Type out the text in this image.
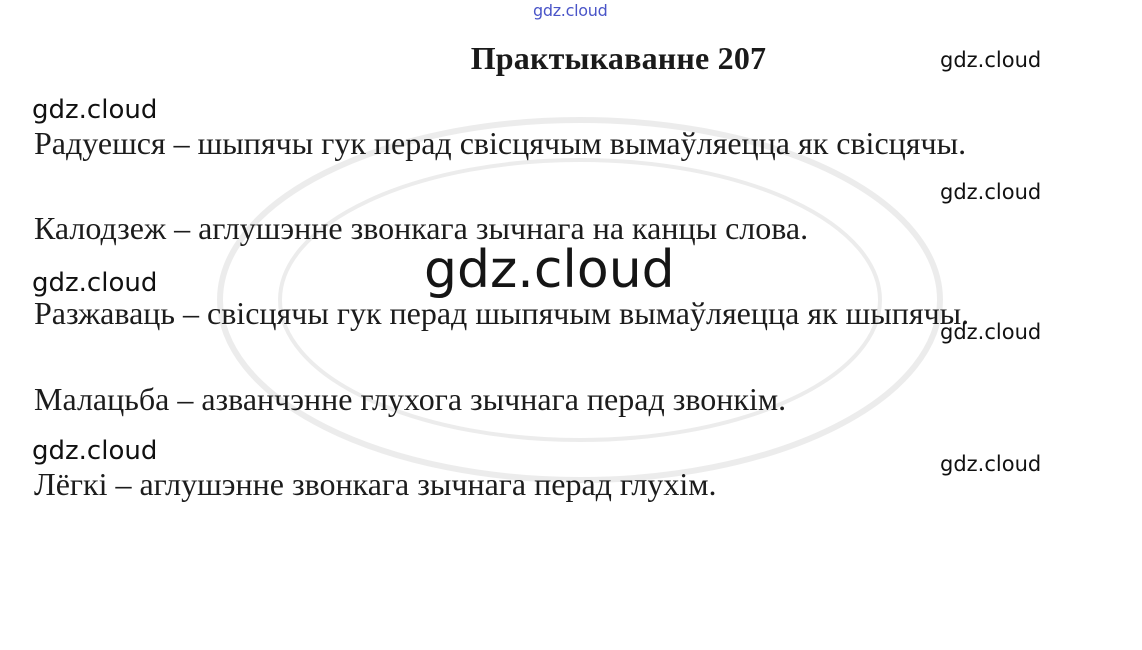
gdz.cloud
Практыкаванне 207	gdz.cloud
gdz.cloud
Радуешся – шыпячы гук перад свісцячым вымаўляецца як свісцячы.
gdz.cloud
Калодзеж – аглушэнне звонкага зычнага на канцы слова.
gdz.cloud
Разжаваць – свісцячы гук перад шыпячым вымаўляецца як шыпячы.
gdz.cloud
Малацьба – азванчэнне глухога зычнага перад звонкім.
gdz.cloud	gdz.cloud
Лёгкі – аглушэнне звонкага зычнага перад глухім.
gdz.cloud
